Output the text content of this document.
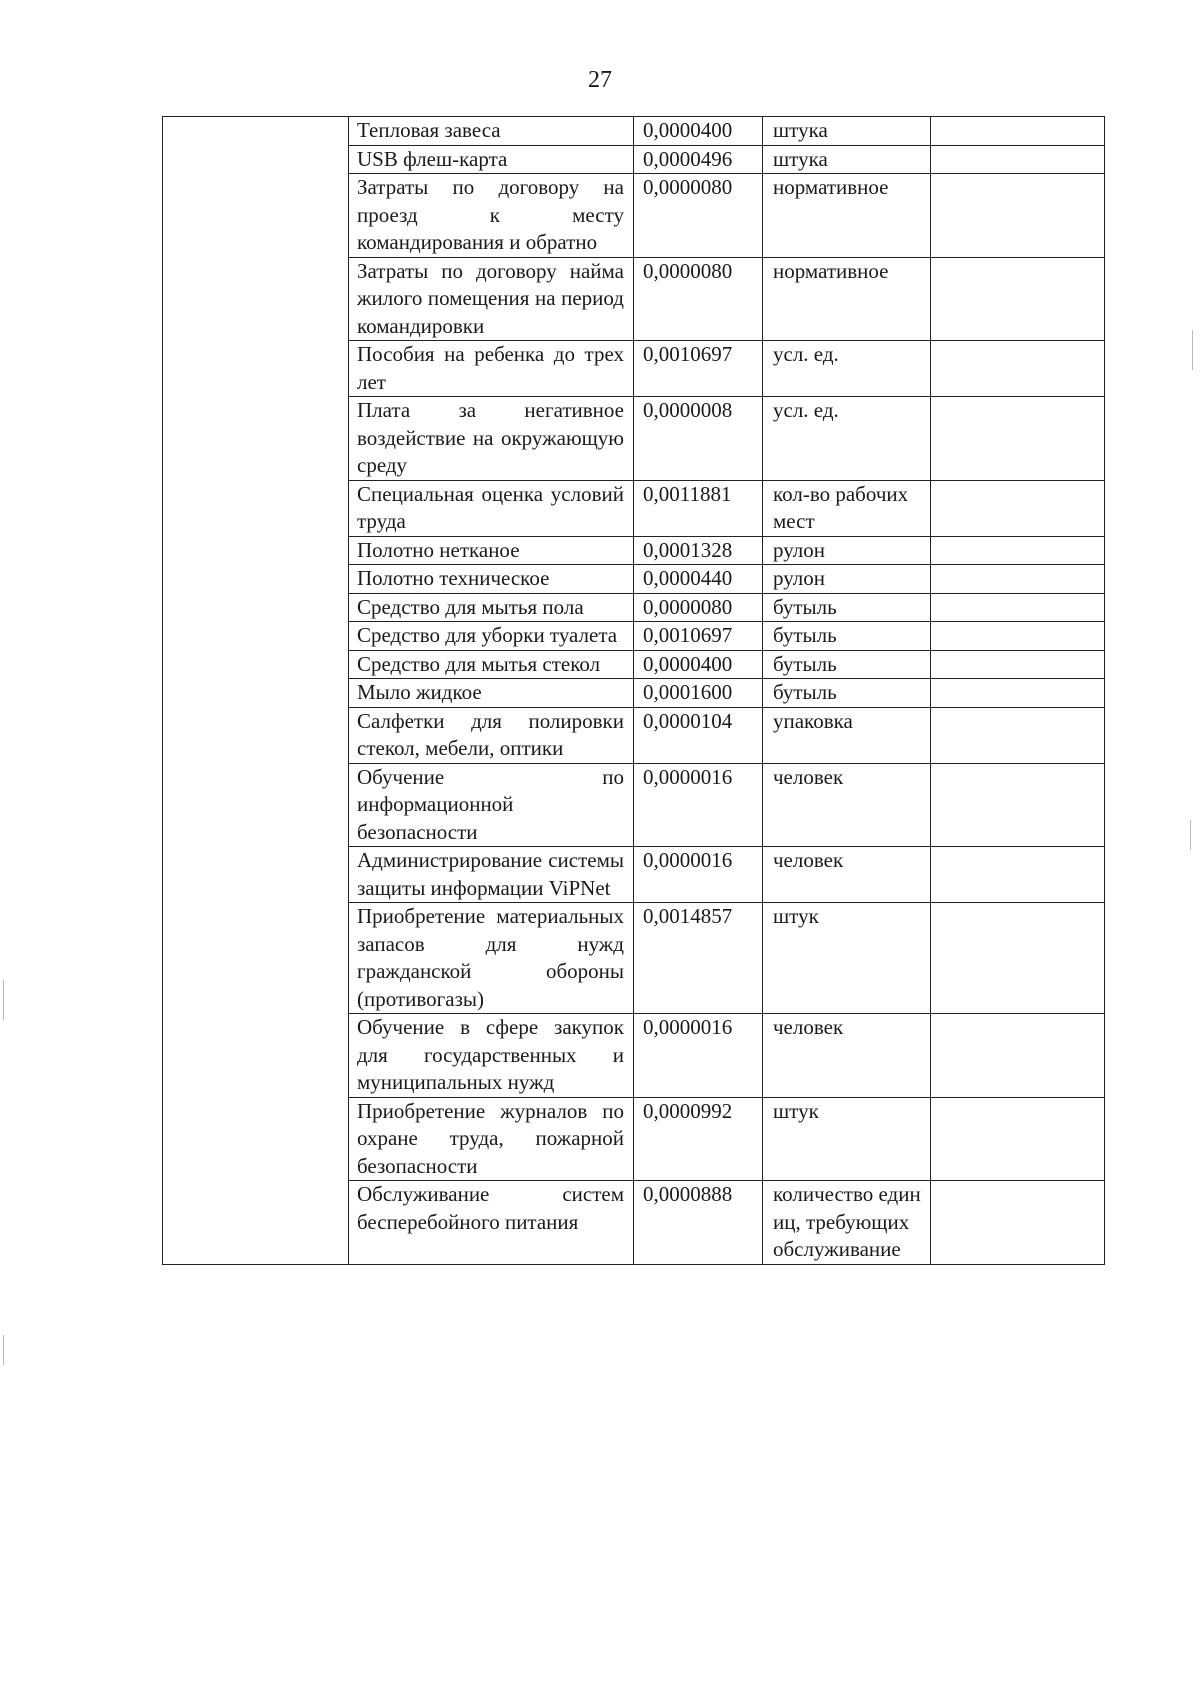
27
	Тепловая завеса	0,0000400	штука	
	USB флеш-карта	0,0000496	штука	
	Затраты по договору на проезд к месту командирования и обратно	0,0000080	нормативное	
	Затраты по договору найма жилого помещения на период командировки	0,0000080	нормативное	
	Пособия на ребенка до трех лет	0,0010697	усл. ед.	
	Плата за негативное воздействие на окружающую среду	0,0000008	усл. ед.	
	Специальная оценка условий труда	0,0011881	кол-во рабочих мест	
	Полотно нетканое	0,0001328	рулон	
	Полотно техническое	0,0000440	рулон	
	Средство для мытья пола	0,0000080	бутыль	
	Средство для уборки туалета	0,0010697	бутыль	
	Средство для мытья стекол	0,0000400	бутыль	
	Мыло жидкое	0,0001600	бутыль	
	Салфетки для полировки стекол, мебели, оптики	0,0000104	упаковка	
	Обучение по информационной безопасности	0,0000016	человек	
	Администрирование системы защиты информации ViPNet	0,0000016	человек	
	Приобретение материальных запасов для нужд гражданской обороны (противогазы)	0,0014857	штук	
	Обучение в сфере закупок для государственных и муниципальных нужд	0,0000016	человек	
	Приобретение журналов по охране труда, пожарной безопасности	0,0000992	штук	
	Обслуживание систем бесперебойного питания	0,0000888	количество единиц, требующих обслуживание	
